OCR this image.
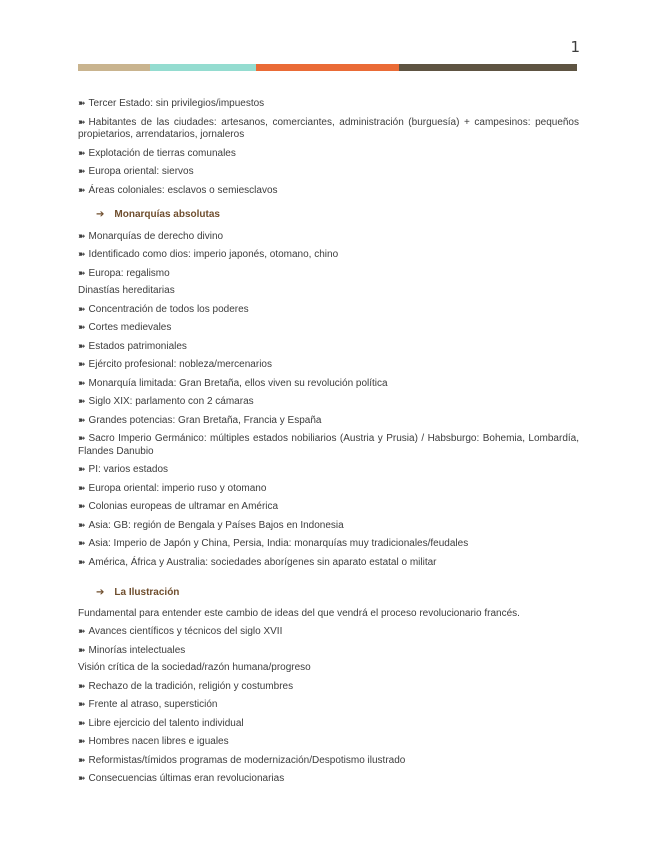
1

➽ Tercer Estado: sin privilegios/impuestos

➽ Habitantes de las ciudades: artesanos, comerciantes, administración (burguesía) + campesinos: pequeños propietarios, arrendatarios, jornaleros

➽ Explotación de tierras comunales

➽ Europa oriental: siervos

➽ Áreas coloniales: esclavos o semiesclavos

➔ Monarquías absolutas

➽ Monarquías de derecho divino

➽ Identificado como dios: imperio japonés, otomano, chino

➽ Europa: regalismo

Dinastías hereditarias

➽ Concentración de todos los poderes

➽ Cortes medievales

➽ Estados patrimoniales

➽ Ejército profesional: nobleza/mercenarios

➽ Monarquía limitada: Gran Bretaña, ellos viven su revolución política

➽ Siglo XIX: parlamento con 2 cámaras

➽ Grandes potencias: Gran Bretaña, Francia y España

➽ Sacro Imperio Germánico: múltiples estados nobiliarios (Austria y Prusia) / Habsburgo: Bohemia, Lombardía, Flandes Danubio

➽ PI: varios estados

➽ Europa oriental: imperio ruso y otomano

➽ Colonias europeas de ultramar en América

➽ Asia: GB: región de Bengala y Países Bajos en Indonesia

➽ Asia: Imperio de Japón y China, Persia, India: monarquías muy tradicionales/feudales

➽ América, África y Australia: sociedades aborígenes sin aparato estatal o militar

➔ La Ilustración

Fundamental para entender este cambio de ideas del que vendrá el proceso revolucionario francés.

➽ Avances científicos y técnicos del siglo XVII

➽ Minorías intelectuales

Visión crítica de la sociedad/razón humana/progreso

➽ Rechazo de la tradición, religión y costumbres

➽ Frente al atraso, superstición

➽ Libre ejercicio del talento individual

➽ Hombres nacen libres e iguales

➽ Reformistas/tímidos programas de modernización/Despotismo ilustrado

➽ Consecuencias últimas eran revolucionarias
